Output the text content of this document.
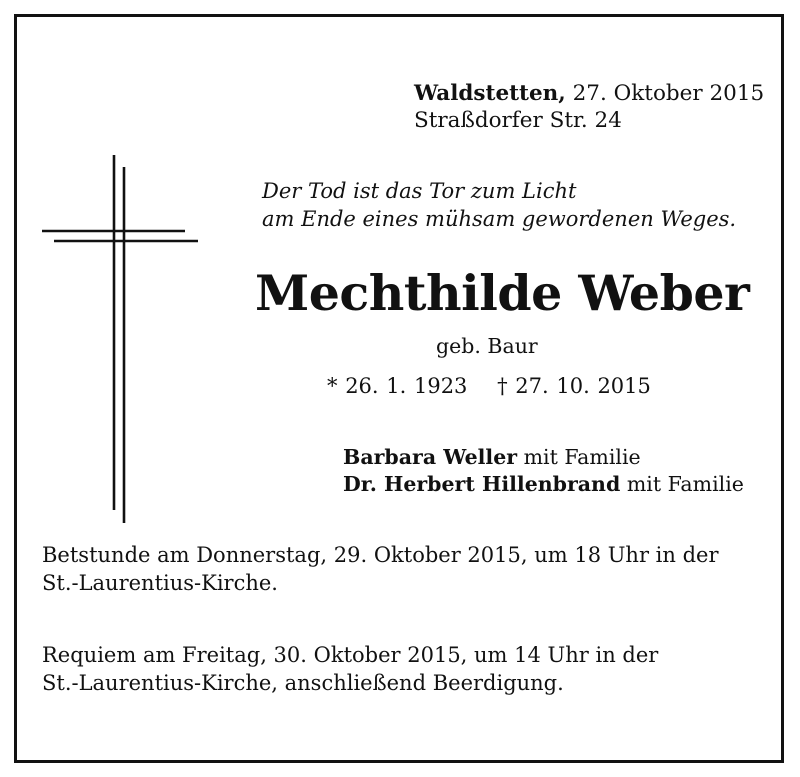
Waldstetten, 27. Oktober 2015
Straßdorfer Str. 24
Der Tod ist das Tor zum Licht
am Ende eines mühsam gewordenen Weges.
Mechthilde Weber
geb. Baur
* 26. 1. 1923 † 27. 10. 2015
Barbara Weller mit Familie
Dr. Herbert Hillenbrand mit Familie
Betstunde am Donnerstag, 29. Oktober 2015, um 18 Uhr in der
St.-Laurentius-Kirche.
Requiem am Freitag, 30. Oktober 2015, um 14 Uhr in der
St.-Laurentius-Kirche, anschließend Beerdigung.
